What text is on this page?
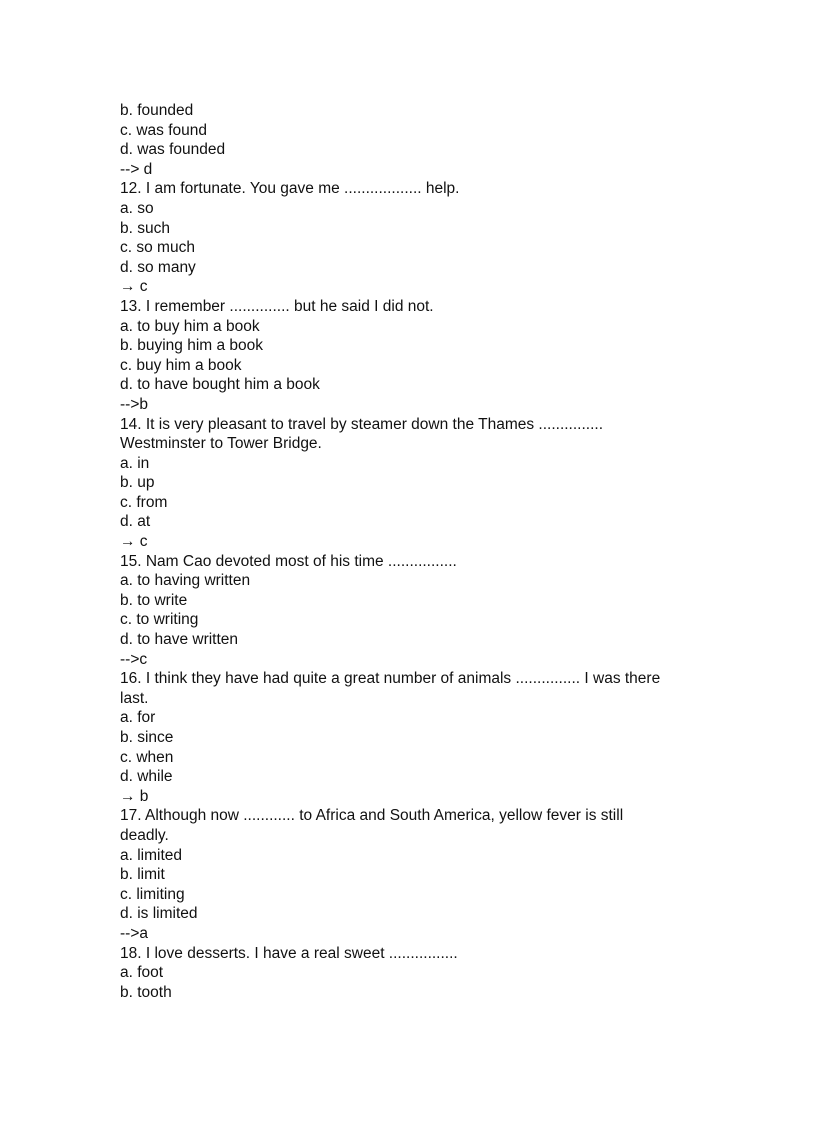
b. founded

c. was found

d. was founded

--> d

12. I am fortunate. You gave me .................. help.

a. so

b. such

c. so much

d. so many

→ c

13. I remember .............. but he said I did not.

a. to buy him a book

b. buying him a book

c. buy him a book

d. to have bought him a book

-->b

14. It is very pleasant to travel by steamer down the Thames ...............

Westminster to Tower Bridge.

a. in

b. up

c. from

d. at

→ c

15. Nam Cao devoted most of his time ................

a. to having written

b. to write

c. to writing

d. to have written

-->c

16. I think they have had quite a great number of animals ............... I was there

last.

a. for

b. since

c. when

d. while

→ b

17. Although now ............ to Africa and South America, yellow fever is still

deadly.

a. limited

b. limit

c. limiting

d. is limited

-->a

18. I love desserts. I have a real sweet ................

a. foot

b. tooth
